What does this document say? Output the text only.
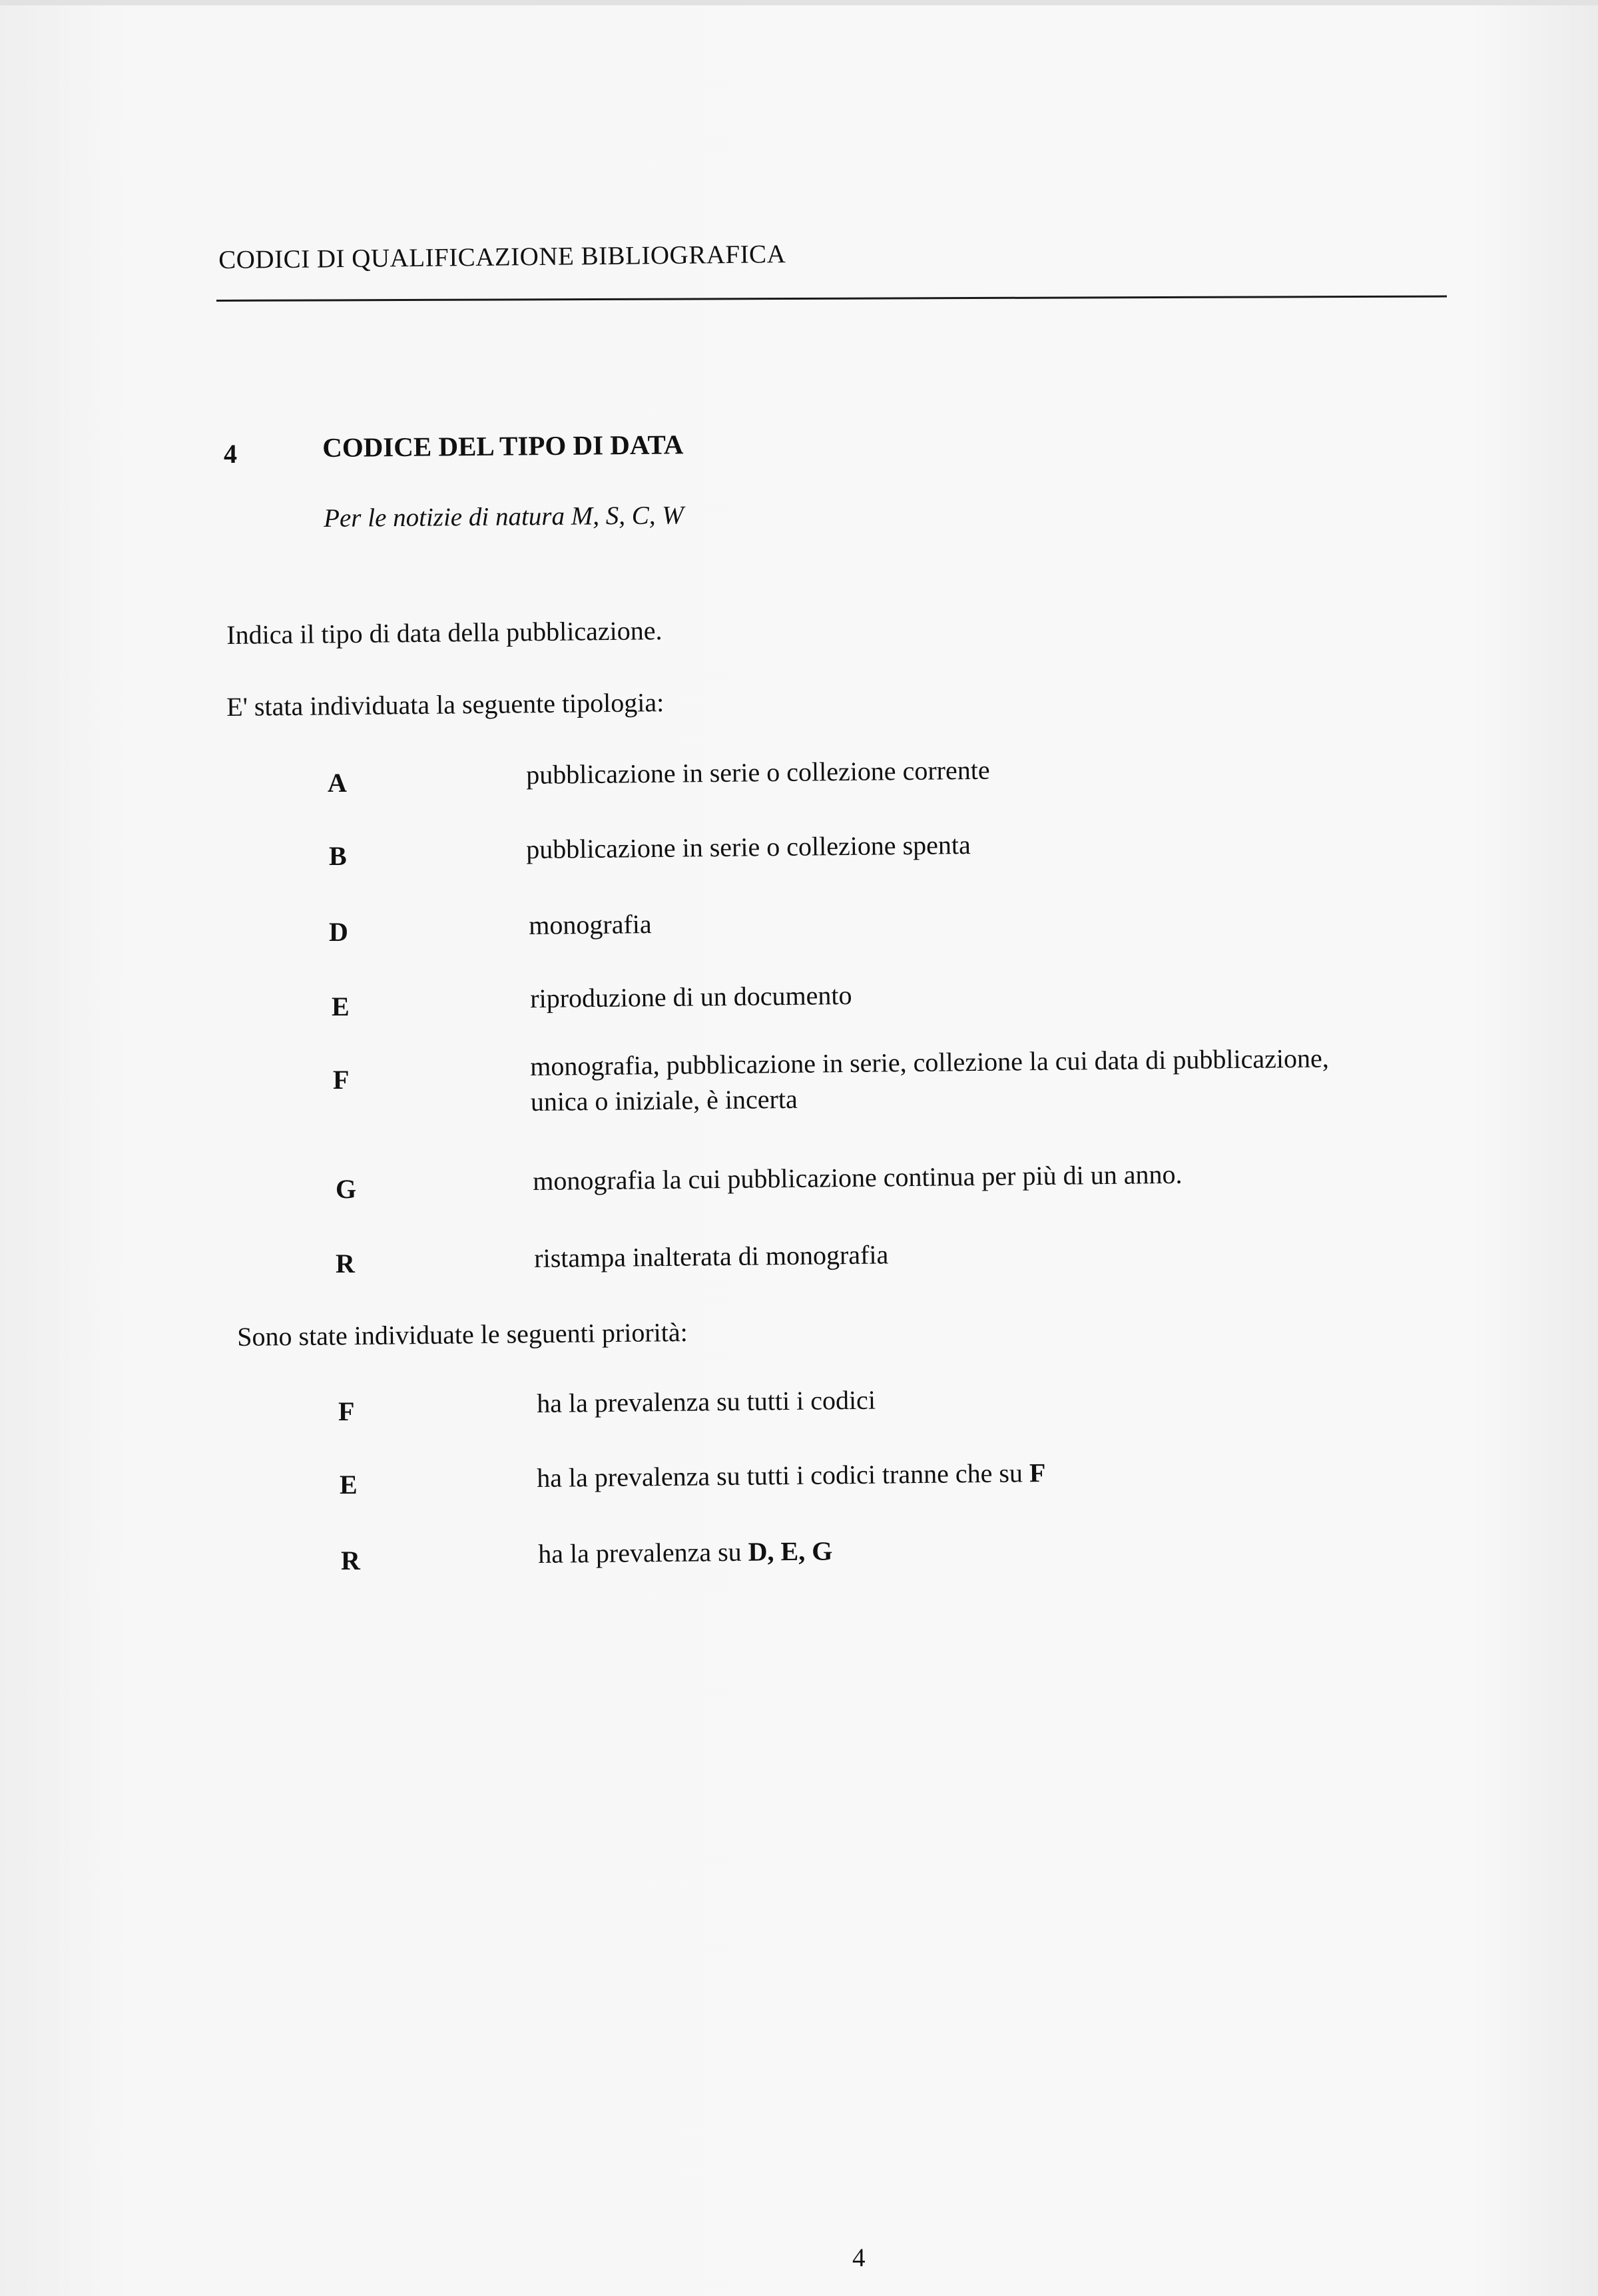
CODICI DI QUALIFICAZIONE BIBLIOGRAFICA
4	CODICE DEL TIPO DI DATA
Per le notizie di natura M, S, C, W
Indica il tipo di data della pubblicazione.
E' stata individuata la seguente tipologia:
A	pubblicazione in serie o collezione corrente
B	pubblicazione in serie o collezione spenta
D	monografia
E	riproduzione di un documento
F	monografia, pubblicazione in serie, collezione la cui data di pubblicazione,
unica o iniziale, è incerta
G	monografia la cui pubblicazione continua per più di un anno.
R	ristampa inalterata di monografia
Sono state individuate le seguenti priorità:
F	ha la prevalenza su tutti i codici
E	ha la prevalenza su tutti i codici tranne che su F
R	ha la prevalenza su D, E, G
4
